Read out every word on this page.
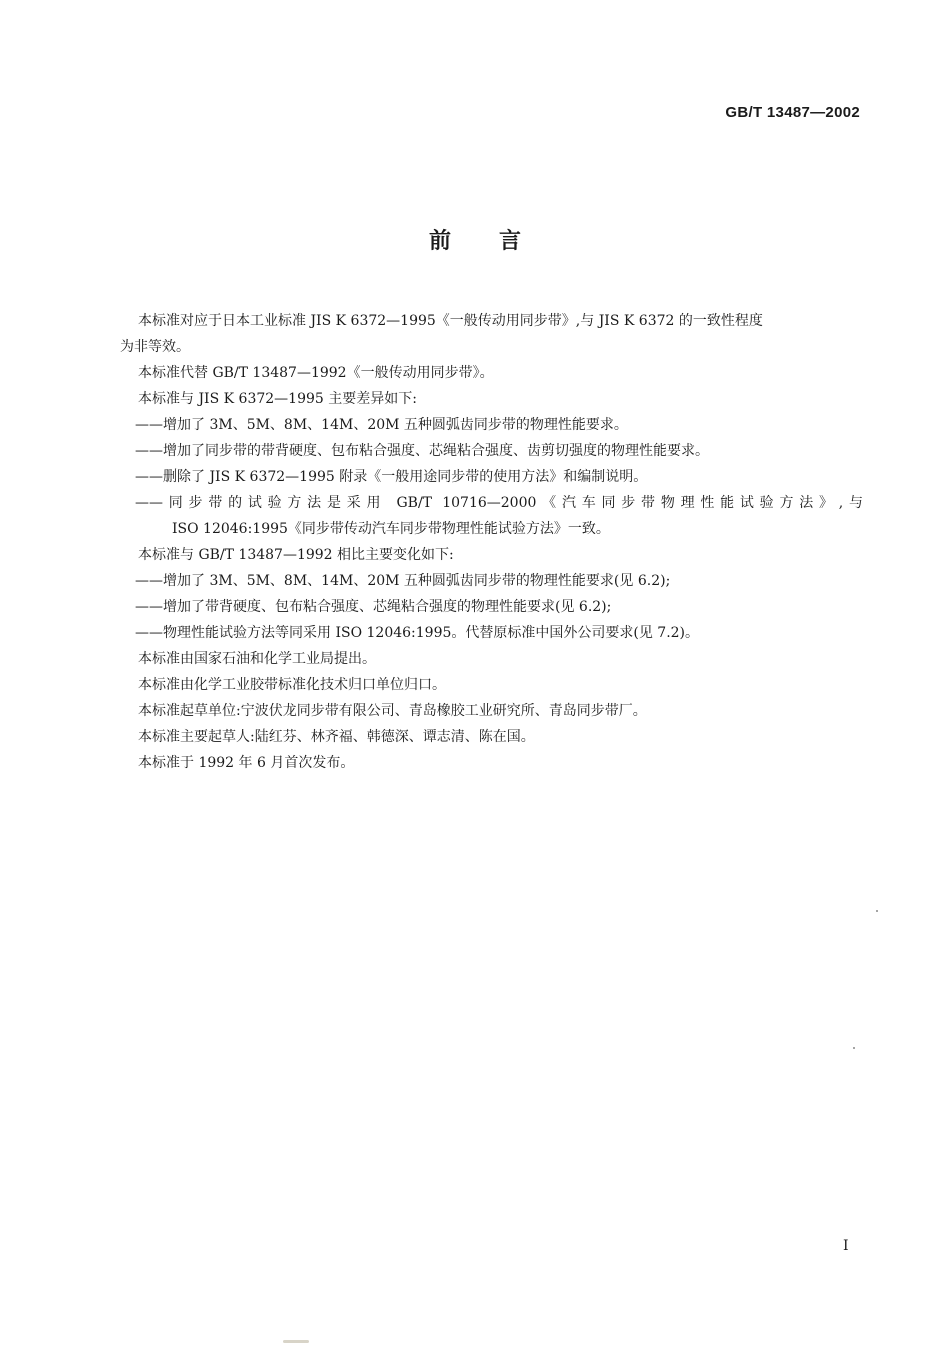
GB/T 13487—2002
前言

本标准对应于日本工业标准 JIS K 6372—1995《一般传动用同步带》,与 JIS K 6372 的一致性程度
为非等效。

本标准代替 GB/T 13487—1992《一般传动用同步带》。

本标准与 JIS K 6372—1995 主要差异如下:

——增加了 3M、5M、8M、14M、20M 五种圆弧齿同步带的物理性能要求。

——增加了同步带的带背硬度、包布粘合强度、芯绳粘合强度、齿剪切强度的物理性能要求。

——删除了 JIS K 6372—1995 附录《一般用途同步带的使用方法》和编制说明。

——同步带的试验方法是采用 GB/T 10716—2000《汽车同步带物理性能试验方法》,与
ISO 12046:1995《同步带传动汽车同步带物理性能试验方法》一致。

本标准与 GB/T 13487—1992 相比主要变化如下:

——增加了 3M、5M、8M、14M、20M 五种圆弧齿同步带的物理性能要求(见 6.2);

——增加了带背硬度、包布粘合强度、芯绳粘合强度的物理性能要求(见 6.2);

——物理性能试验方法等同采用 ISO 12046:1995。代替原标准中国外公司要求(见 7.2)。

本标准由国家石油和化学工业局提出。

本标准由化学工业胶带标准化技术归口单位归口。

本标准起草单位:宁波伏龙同步带有限公司、青岛橡胶工业研究所、青岛同步带厂。

本标准主要起草人:陆红芬、林齐福、韩德深、谭志清、陈在国。

本标准于 1992 年 6 月首次发布。

I
